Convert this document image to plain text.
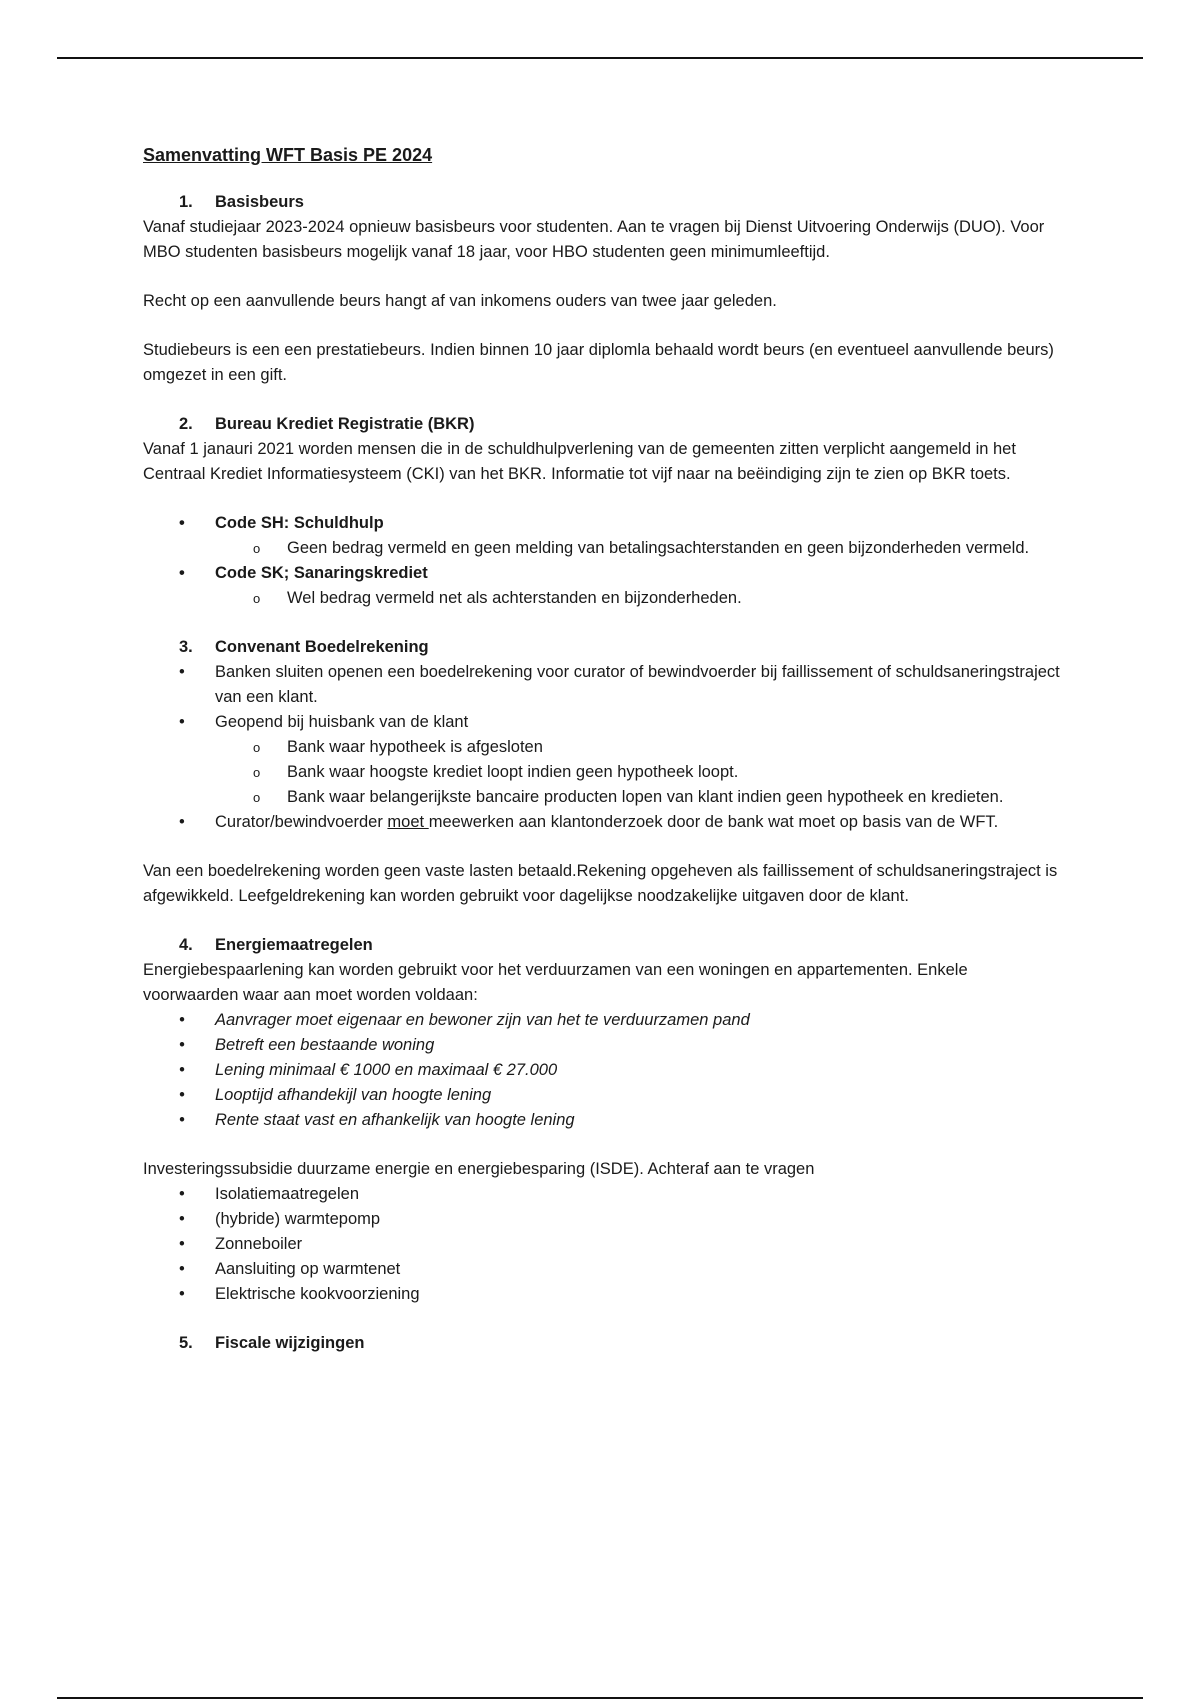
Samenvatting WFT Basis PE 2024
1. Basisbeurs

Vanaf studiejaar 2023-2024 opnieuw basisbeurs voor studenten. Aan te vragen bij Dienst Uitvoering Onderwijs (DUO). Voor MBO studenten basisbeurs mogelijk vanaf 18 jaar, voor HBO studenten geen minimumleeftijd.

Recht op een aanvullende beurs hangt af van inkomens ouders van twee jaar geleden.

Studiebeurs is een een prestatiebeurs. Indien binnen 10 jaar diplomla behaald wordt beurs (en eventueel aanvullende beurs) omgezet in een gift.

2. Bureau Krediet Registratie (BKR)

Vanaf 1 janauri 2021 worden mensen die in de schuldhulpverlening van de gemeenten zitten verplicht aangemeld in het Centraal Krediet Informatiesysteem (CKI) van het BKR. Informatie tot vijf naar na beëindiging zijn te zien op BKR toets.

• Code SH: Schuldhulp
o Geen bedrag vermeld en geen melding van betalingsachterstanden en geen bijzonderheden vermeld.
• Code SK; Sanaringskrediet
o Wel bedrag vermeld net als achterstanden en bijzonderheden.
3. Convenant Boedelrekening
• Banken sluiten openen een boedelrekening voor curator of bewindvoerder bij faillissement of schuldsaneringstraject van een klant.
• Geopend bij huisbank van de klant
o Bank waar hypotheek is afgesloten
o Bank waar hoogste krediet loopt indien geen hypotheek loopt.
o Bank waar belangerijkste bancaire producten lopen van klant indien geen hypotheek en kredieten.
• Curator/bewindvoerder moet meewerken aan klantonderzoek door de bank wat moet op basis van de WFT.

Van een boedelrekening worden geen vaste lasten betaald.Rekening opgeheven als faillissement of schuldsaneringstraject is afgewikkeld. Leefgeldrekening kan worden gebruikt voor dagelijkse noodzakelijke uitgaven door de klant.

4. Energiemaatregelen

Energiebespaarlening kan worden gebruikt voor het verduurzamen van een woningen en appartementen. Enkele voorwaarden waar aan moet worden voldaan:

• Aanvrager moet eigenaar en bewoner zijn van het te verduurzamen pand
• Betreft een bestaande woning
• Lening minimaal € 1000 en maximaal € 27.000
• Looptijd afhandekijl van hoogte lening
• Rente staat vast en afhankelijk van hoogte lening

Investeringssubsidie duurzame energie en energiebesparing (ISDE). Achteraf aan te vragen

• Isolatiemaatregelen
• (hybride) warmtepomp
• Zonneboiler
• Aansluiting op warmtenet
• Elektrische kookvoorziening
5. Fiscale wijzigingen
